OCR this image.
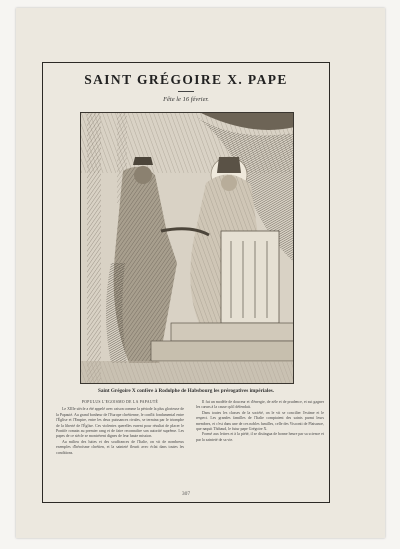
SAINT GRÉGOIRE X. PAPE
Fête le 16 février.
Saint Grégoire X confère à Rodolphe de Habsbourg les prérogatives impériales.
POPULUS L'EGOISMO DE LA PAPAUTÉ
Le XIIIe siècle a été appelé avec raison comme la période la plus glorieuse de la Papauté. Au grand bonheur de l'Europe chrétienne, le conflit fondamental entre l'Église et l'Empire, entre les deux puissances rivales, se termina par le triomphe de la liberté de l'Église. Ces violentes querelles eurent pour résultat de placer le Pontife romain au premier rang et de faire reconnaître son autorité suprême. Les papes de ce siècle se montrèrent dignes de leur haute mission.
Au milieu des luttes et des souffrances de l'Italie, on vit de nombreux exemples d'héroïsme chrétien, et la sainteté fleurit avec éclat dans toutes les conditions.
Il fut un modèle de douceur et d'énergie, de zèle et de prudence, et sut gagner les cœurs à la cause qu'il défendait.
Dans toutes les classes de la société, on le vit se concilier l'estime et le respect. Les grandes familles de l'Italie comptaient des saints parmi leurs membres, et c'est dans une de ces nobles familles, celle des Visconti de Plaisance, que naquit Thibaud, le futur pape Grégoire X.
Formé aux lettres et à la piété, il se distingua de bonne heure par sa science et par la sainteté de sa vie.
307
